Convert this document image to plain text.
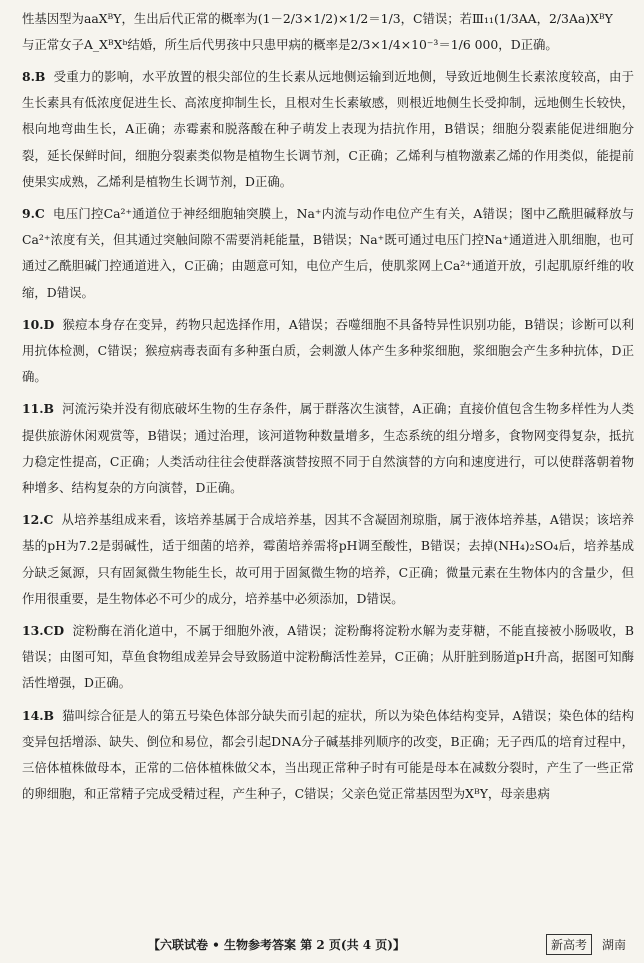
性基因型为aaXᴮY，生出后代正常的概率为(1－2/3×1/2)×1/2＝1/3，C错误；若Ⅲ₁₁(1/3AA，2/3Aa)XᴮY

与正常女子A_XᴮXᵇ结婚，所生后代男孩中只患甲病的概率是2/3×1/4×10⁻³＝1/6 000，D正确。

8.B 受重力的影响，水平放置的根尖部位的生长素从远地侧运输到近地侧，导致近地侧生长素浓度较高，由于生长素具有低浓度促进生长、高浓度抑制生长，且根对生长素敏感，则根近地侧生长受抑制，远地侧生长较快，根向地弯曲生长，A正确；赤霉素和脱落酸在种子萌发上表现为拮抗作用，B错误；细胞分裂素能促进细胞分裂，延长保鲜时间，细胞分裂素类似物是植物生长调节剂，C正确；乙烯利与植物激素乙烯的作用类似，能提前使果实成熟，乙烯利是植物生长调节剂，D正确。

9.C 电压门控Ca²⁺通道位于神经细胞轴突膜上，Na⁺内流与动作电位产生有关，A错误；图中乙酰胆碱释放与Ca²⁺浓度有关，但其通过突触间隙不需要消耗能量，B错误；Na⁺既可通过电压门控Na⁺通道进入肌细胞，也可通过乙酰胆碱门控通道进入，C正确；由题意可知，电位产生后，使肌浆网上Ca²⁺通道开放，引起肌原纤维的收缩，D错误。

10.D 猴痘本身存在变异，药物只起选择作用，A错误；吞噬细胞不具备特异性识别功能，B错误；诊断可以利用抗体检测，C错误；猴痘病毒表面有多种蛋白质，会刺激人体产生多种浆细胞，浆细胞会产生多种抗体，D正确。

11.B 河流污染并没有彻底破坏生物的生存条件，属于群落次生演替，A正确；直接价值包含生物多样性为人类提供旅游休闲观赏等，B错误；通过治理，该河道物种数量增多，生态系统的组分增多，食物网变得复杂，抵抗力稳定性提高，C正确；人类活动往往会使群落演替按照不同于自然演替的方向和速度进行，可以使群落朝着物种增多、结构复杂的方向演替，D正确。

12.C 从培养基组成来看，该培养基属于合成培养基，因其不含凝固剂琼脂，属于液体培养基，A错误；该培养基的pH为7.2是弱碱性，适于细菌的培养，霉菌培养需将pH调至酸性，B错误；去掉(NH₄)₂SO₄后，培养基成分缺乏氮源，只有固氮微生物能生长，故可用于固氮微生物的培养，C正确；微量元素在生物体内的含量少，但作用很重要，是生物体必不可少的成分，培养基中必须添加，D错误。

13.CD 淀粉酶在消化道中，不属于细胞外液，A错误；淀粉酶将淀粉水解为麦芽糖，不能直接被小肠吸收，B错误；由图可知，草鱼食物组成差异会导致肠道中淀粉酶活性差异，C正确；从肝脏到肠道pH升高，据图可知酶活性增强，D正确。

14.B 猫叫综合征是人的第五号染色体部分缺失而引起的症状，所以为染色体结构变异，A错误；染色体的结构变异包括增添、缺失、倒位和易位，都会引起DNA分子碱基排列顺序的改变，B正确；无子西瓜的培育过程中，三倍体植株做母本，正常的二倍体植株做父本，当出现正常种子时有可能是母本在减数分裂时，产生了一些正常的卵细胞，和正常精子完成受精过程，产生种子，C错误；父亲色觉正常基因型为XᴮY，母亲患病

【六联试卷 • 生物参考答案 第 2 页(共 4 页)】	新高考	湖南
